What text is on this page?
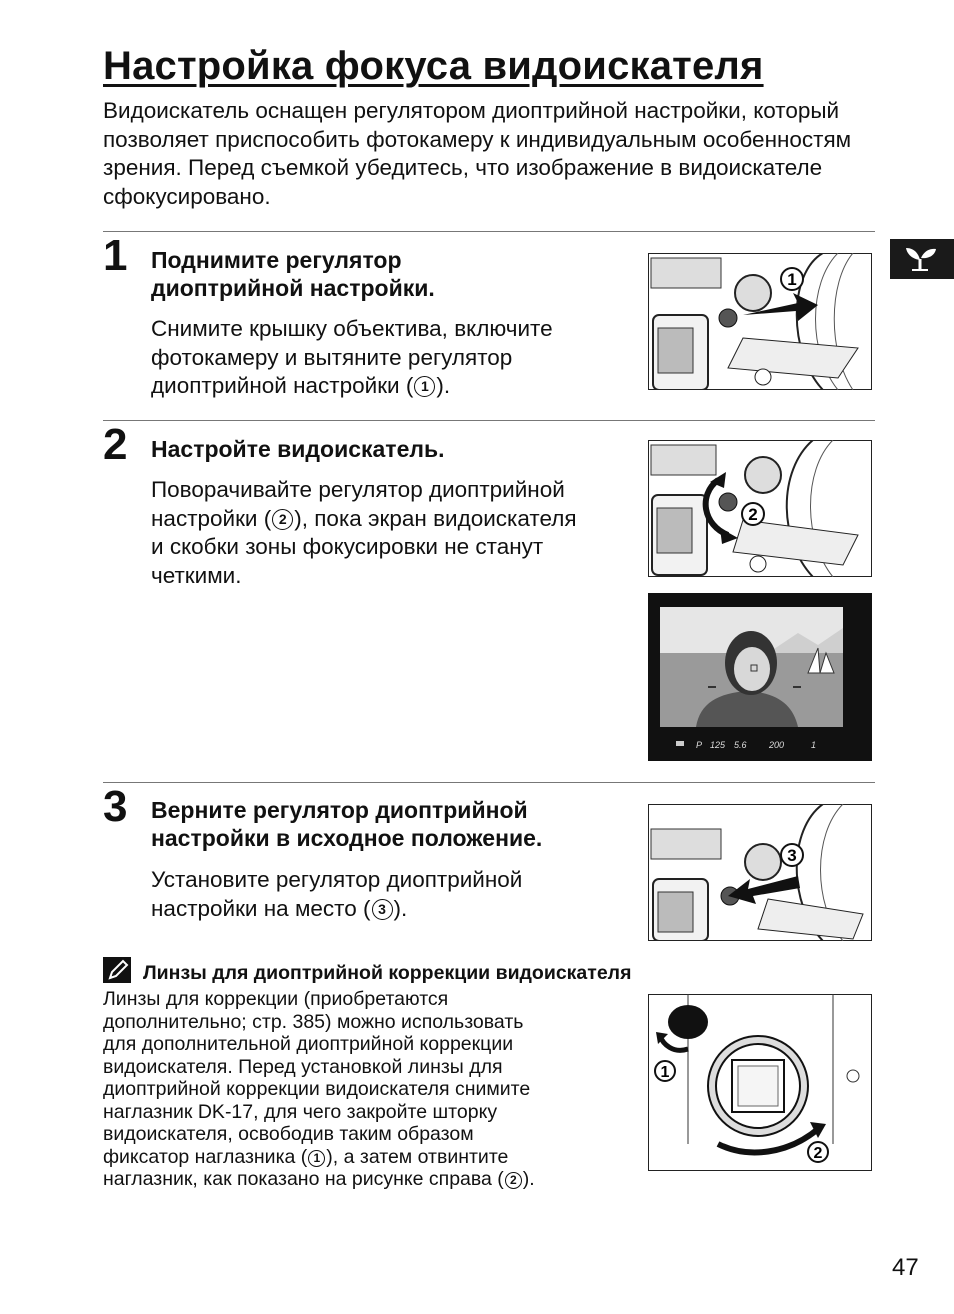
Настройка фокуса видоискателя

Видоискатель оснащен регулятором диоптрийной настройки, который позволяет приспособить фотокамеру к индивидуальным особенностям зрения. Перед съемкой убедитесь, что изображение в видоискателе сфокусировано.

1 Поднимите регулятор
диоптрийной настройки.
Снимите крышку объектива, включите
фотокамеру и вытяните регулятор
диоптрийной настройки ( 1 ).
1
2 Настройте видоискатель.
Поворачивайте регулятор диоптрийной
настройки ( 2 ), пока экран видоискателя
и скобки зоны фокусировки не станут
четкими.
2
P 125 5.6 200	1
3 Верните регулятор диоптрийной
настройки в исходное положение.
Установите регулятор диоптрийной
настройки на место ( 3 ).
3
Линзы для диоптрийной коррекции видоискателя
Линзы для коррекции (приобретаются
дополнительно; стр. 385) можно использовать
для дополнительной диоптрийной коррекции
видоискателя. Перед установкой линзы для
диоптрийной коррекции видоискателя снимите
наглазник DK-17, для чего закройте шторку
видоискателя, освободив таким образом
фиксатор наглазника ( 1 ), а затем отвинтите
наглазник, как показано на рисунке справа ( 2 ).
1
2
47
